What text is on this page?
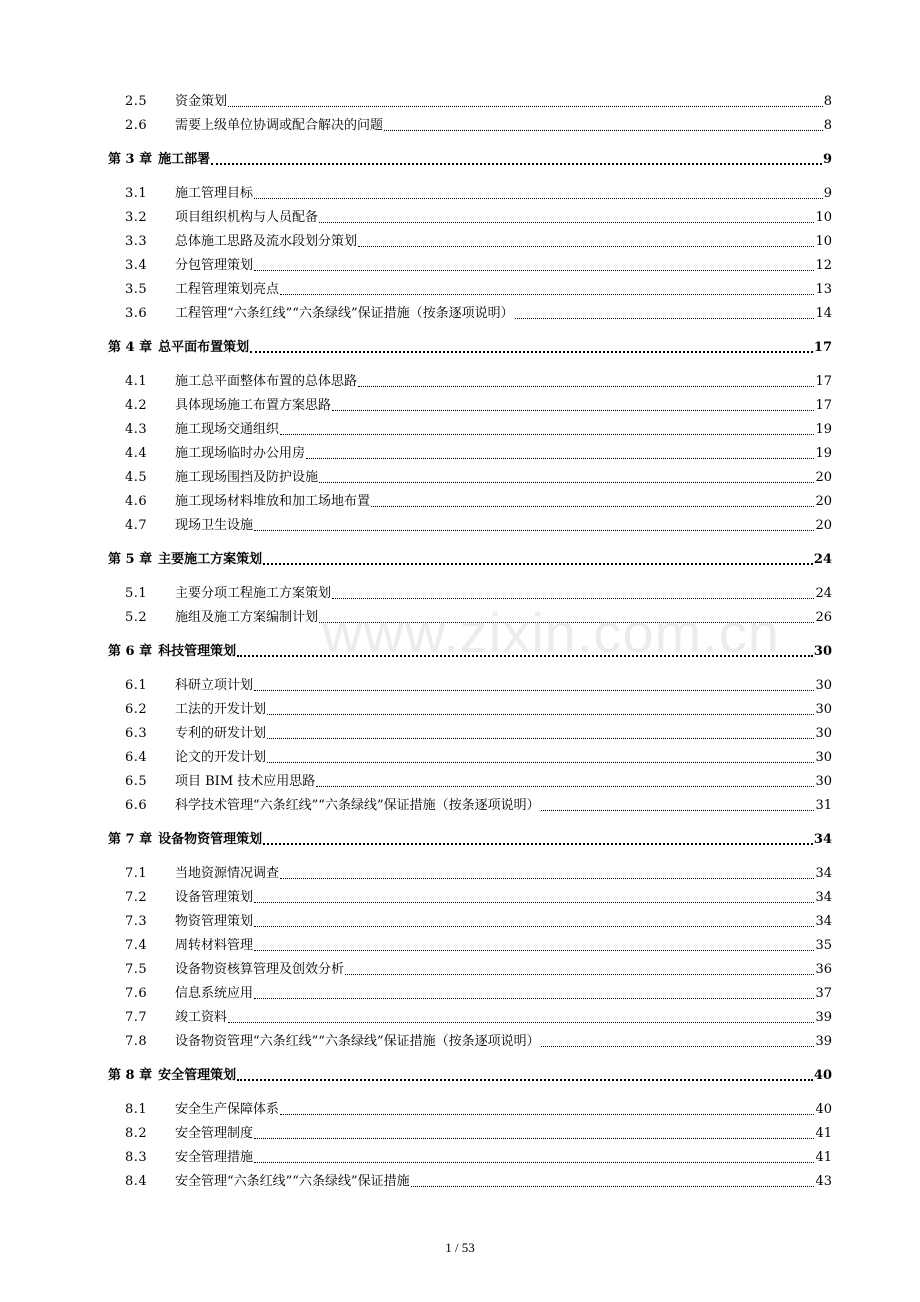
2.5	资金策划	8
2.6	需要上级单位协调或配合解决的问题	8
第 3 章 施工部署	9
3.1	施工管理目标	9
3.2	项目组织机构与人员配备	10
3.3	总体施工思路及流水段划分策划	10
3.4	分包管理策划	12
3.5	工程管理策划亮点	13
3.6	工程管理“六条红线”“六条绿线”保证措施（按条逐项说明）	14
第 4 章 总平面布置策划	17
4.1	施工总平面整体布置的总体思路	17
4.2	具体现场施工布置方案思路	17
4.3	施工现场交通组织	19
4.4	施工现场临时办公用房	19
4.5	施工现场围挡及防护设施	20
4.6	施工现场材料堆放和加工场地布置	20
4.7	现场卫生设施	20
第 5 章 主要施工方案策划	24
5.1	主要分项工程施工方案策划	24
5.2	施组及施工方案编制计划	26
第 6 章 科技管理策划	30
6.1	科研立项计划	30
6.2	工法的开发计划	30
6.3	专利的研发计划	30
6.4	论文的开发计划	30
6.5	项目 BIM 技术应用思路	30
6.6	科学技术管理“六条红线”“六条绿线”保证措施（按条逐项说明）	31
第 7 章 设备物资管理策划	34
7.1	当地资源情况调查	34
7.2	设备管理策划	34
7.3	物资管理策划	34
7.4	周转材料管理	35
7.5	设备物资核算管理及创效分析	36
7.6	信息系统应用	37
7.7	竣工资料	39
7.8	设备物资管理“六条红线”“六条绿线”保证措施（按条逐项说明）	39
第 8 章 安全管理策划	40
8.1	安全生产保障体系	40
8.2	安全管理制度	41
8.3	安全管理措施	41
8.4	安全管理“六条红线”“六条绿线”保证措施	43
www.zixin.com.cn
1 / 53
